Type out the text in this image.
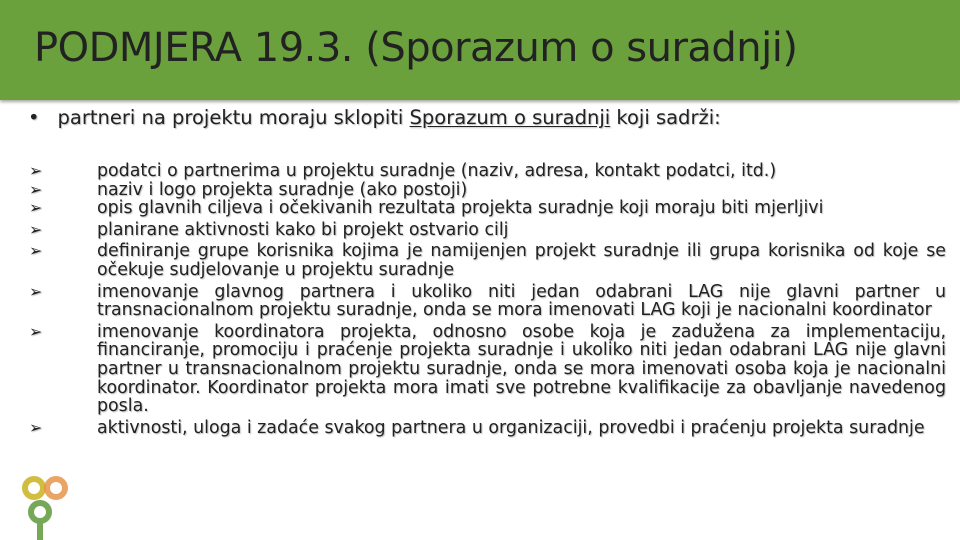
PODMJERA 19.3. (Sporazum o suradnji)
• partneri na projektu moraju sklopiti Sporazum o suradnji koji sadrži:
➢	podatci o partnerima u projektu suradnje (naziv, adresa, kontakt podatci, itd.)
➢	naziv i logo projekta suradnje (ako postoji)
➢	opis glavnih ciljeva i očekivanih rezultata projekta suradnje koji moraju biti mjerljivi
➢	planirane aktivnosti kako bi projekt ostvario cilj
➢	definiranje grupe korisnika kojima je namijenjen projekt suradnje ili grupa korisnika od koje se očekuje sudjelovanje u projektu suradnje
➢	imenovanje glavnog partnera i ukoliko niti jedan odabrani LAG nije glavni partner u transnacionalnom projektu suradnje, onda se mora imenovati LAG koji je nacionalni koordinator
➢	imenovanje koordinatora projekta, odnosno osobe koja je zadužena za implementaciju, financiranje, promociju i praćenje projekta suradnje i ukoliko niti jedan odabrani LAG nije glavni partner u transnacionalnom projektu suradnje, onda se mora imenovati osoba koja je nacionalni koordinator. Koordinator projekta mora imati sve potrebne kvalifikacije za obavljanje navedenog posla.
➢	aktivnosti, uloga i zadaće svakog partnera u organizaciji, provedbi i praćenju projekta suradnje
